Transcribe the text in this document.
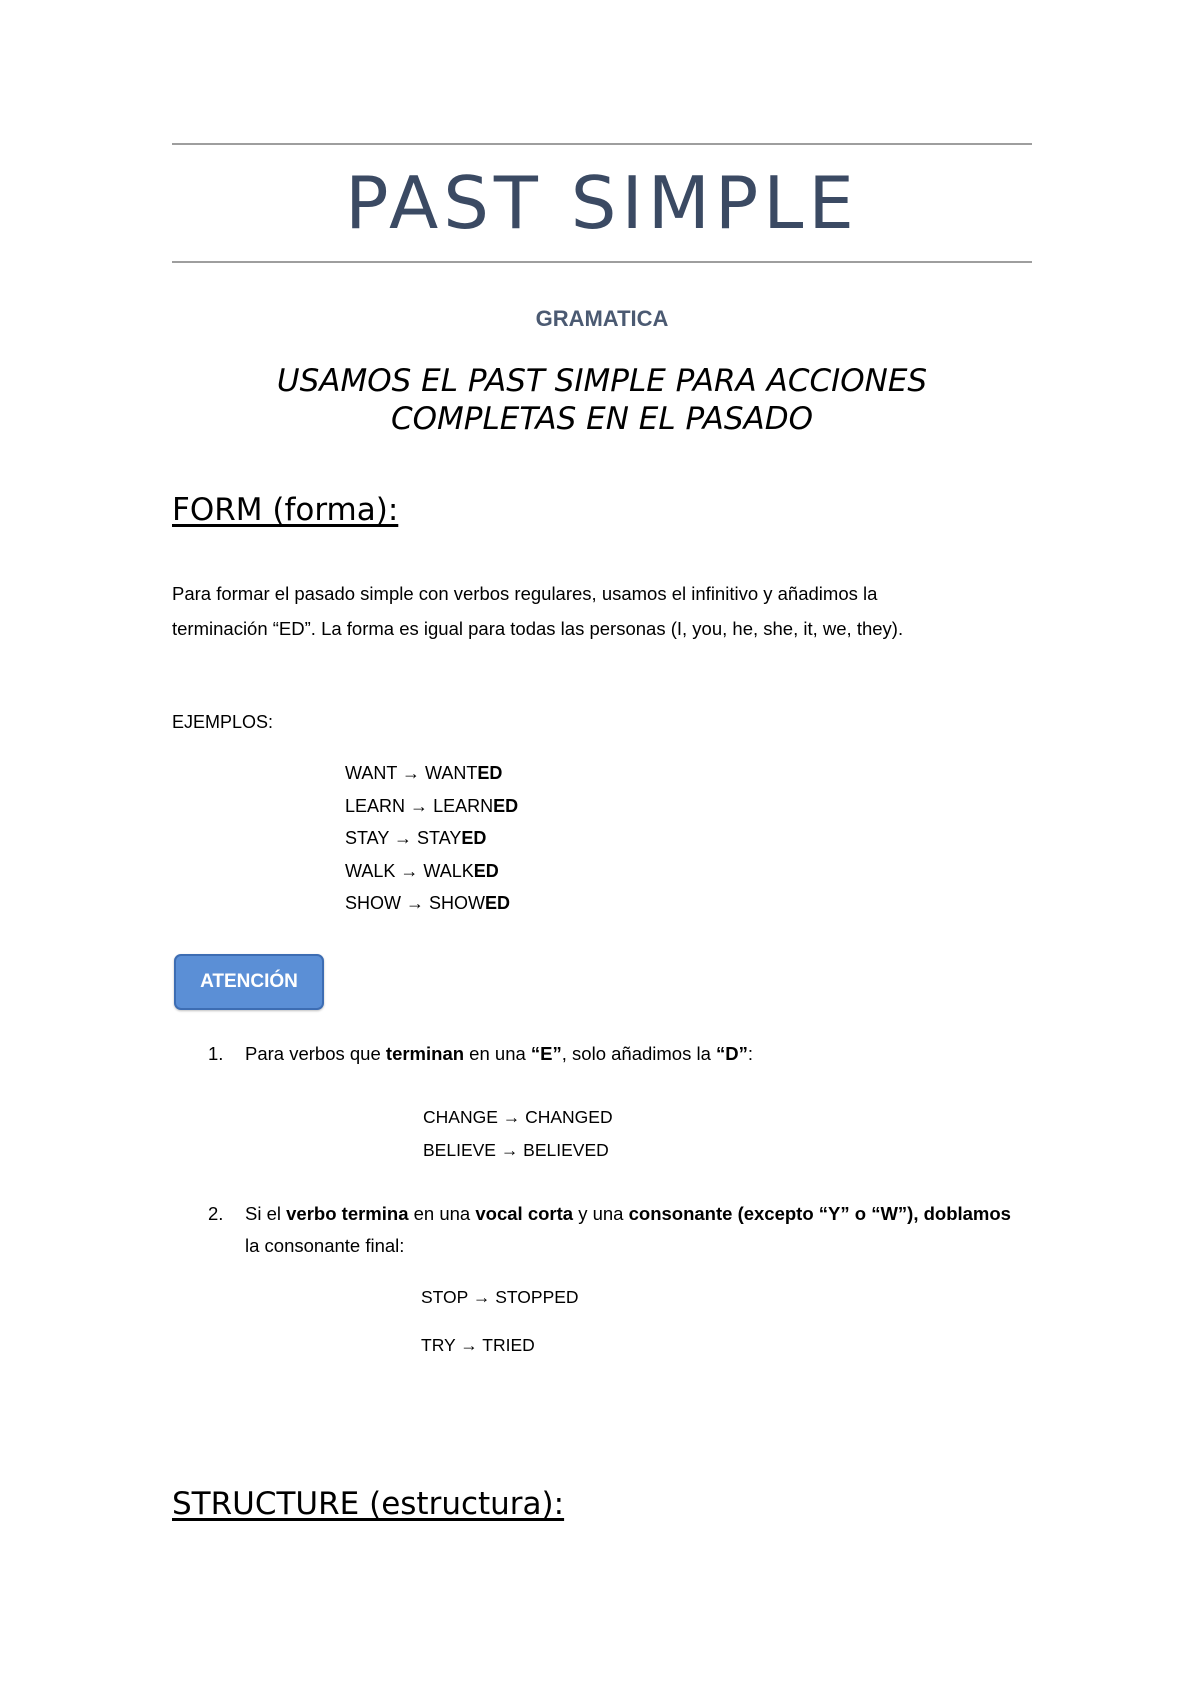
PAST SIMPLE
GRAMATICA
USAMOS EL PAST SIMPLE PARA ACCIONES
COMPLETAS EN EL PASADO
FORM (forma):
Para formar el pasado simple con verbos regulares, usamos el infinitivo y añadimos la
terminación “ED”. La forma es igual para todas las personas (I, you, he, she, it, we, they).
EJEMPLOS:
WANT → WANTED
LEARN → LEARNED
STAY → STAYED
WALK → WALKED
SHOW → SHOWED
ATENCIÓN
1. Para verbos que terminan en una “E”, solo añadimos la “D”:
CHANGE → CHANGED
BELIEVE → BELIEVED
2. Si el verbo termina en una vocal corta y una consonante (excepto “Y” o “W”), doblamos
la consonante final:
STOP → STOPPED
TRY → TRIED
STRUCTURE (estructura):
